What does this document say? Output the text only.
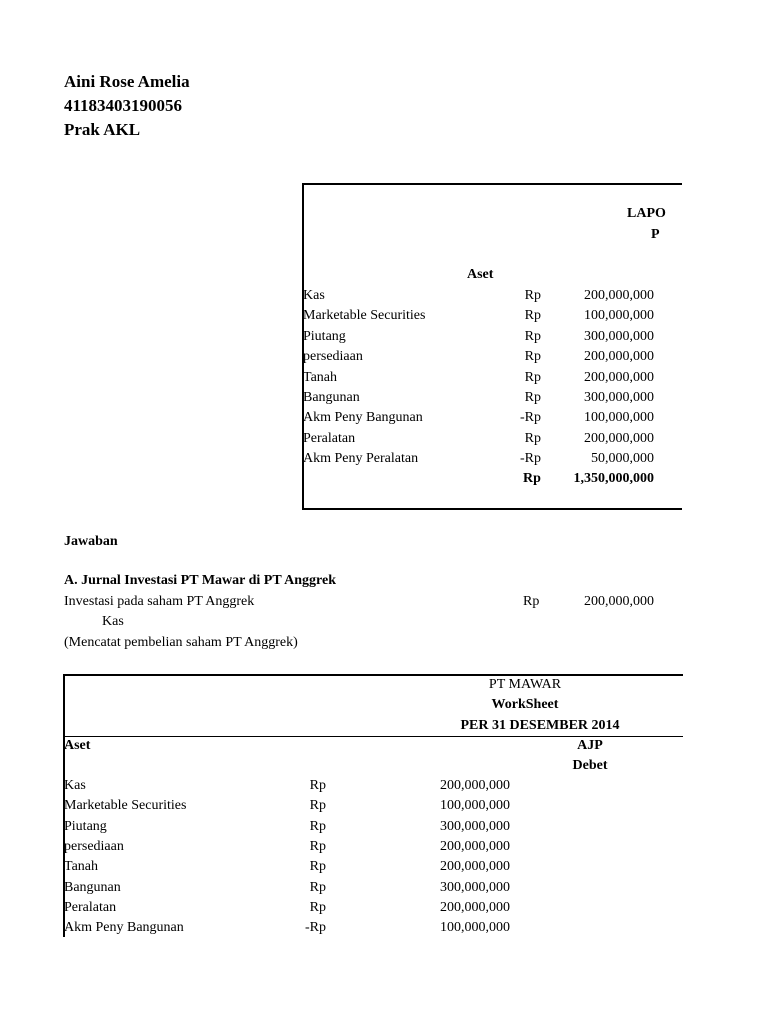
Aini Rose Amelia
41183403190056
Prak AKL
LAPO
P
Aset
Kas	Rp	200,000,000
Marketable Securities	Rp	100,000,000
Piutang	Rp	300,000,000
persediaan	Rp	200,000,000
Tanah	Rp	200,000,000
Bangunan	Rp	300,000,000
Akm Peny Bangunan	-Rp	100,000,000
Peralatan	Rp	200,000,000
Akm Peny Peralatan	-Rp	50,000,000
Rp	1,350,000,000
Jawaban
A. Jurnal Investasi PT Mawar di PT Anggrek
Investasi pada saham PT Anggrek	Rp	200,000,000
Kas
(Mencatat pembelian saham PT Anggrek)
PT MAWAR
WorkSheet
PER 31 DESEMBER 2014
Aset	AJP
Debet
Kas	Rp	200,000,000
Marketable Securities	Rp	100,000,000
Piutang	Rp	300,000,000
persediaan	Rp	200,000,000
Tanah	Rp	200,000,000
Bangunan	Rp	300,000,000
Peralatan	Rp	200,000,000
Akm Peny Bangunan	-Rp	100,000,000
